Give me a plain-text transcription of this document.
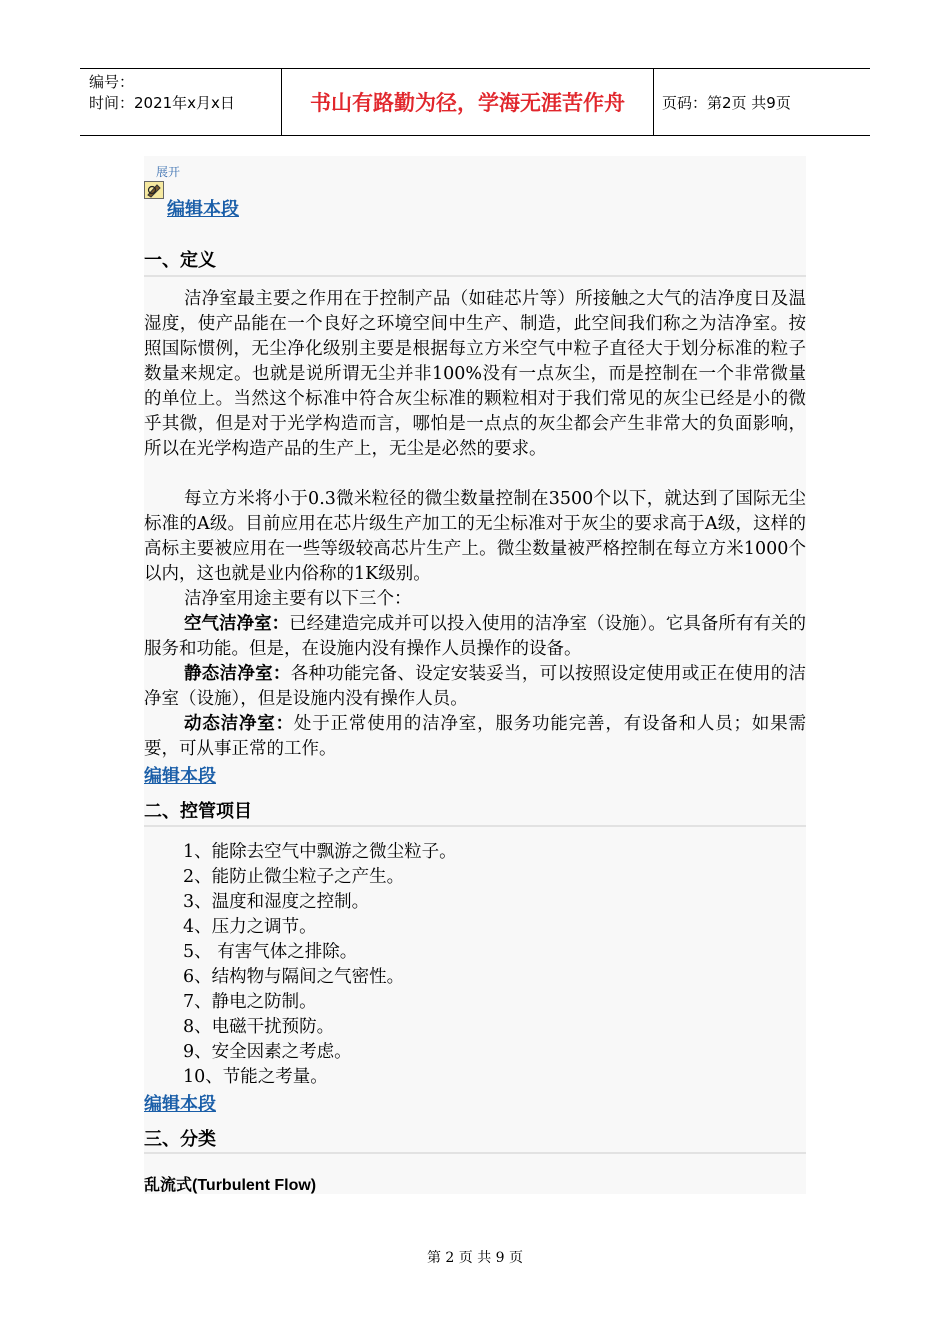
编号：
时间：2021年x月x日	书山有路勤为径，学海无涯苦作舟	页码：第2页 共9页
展开
编辑本段
一、定义

洁净室最主要之作用在于控制产品（如硅芯片等）所接触之大气的洁净度日及温湿度，使产品能在一个良好之环境空间中生产、制造，此空间我们称之为洁净室。按照国际惯例，无尘净化级别主要是根据每立方米空气中粒子直径大于划分标准的粒子数量来规定。也就是说所谓无尘并非100%没有一点灰尘，而是控制在一个非常微量的单位上。当然这个标准中符合灰尘标准的颗粒相对于我们常见的灰尘已经是小的微乎其微，但是对于光学构造而言，哪怕是一点点的灰尘都会产生非常大的负面影响，所以在光学构造产品的生产上，无尘是必然的要求。

每立方米将小于0.3微米粒径的微尘数量控制在3500个以下，就达到了国际无尘标准的A级。目前应用在芯片级生产加工的无尘标准对于灰尘的要求高于A级，这样的高标主要被应用在一些等级较高芯片生产上。微尘数量被严格控制在每立方米1000个以内，这也就是业内俗称的1K级别。

洁净室用途主要有以下三个：

空气洁净室：已经建造完成并可以投入使用的洁净室（设施）。它具备所有有关的服务和功能。但是，在设施内没有操作人员操作的设备。

静态洁净室：各种功能完备、设定安装妥当，可以按照设定使用或正在使用的洁净室（设施），但是设施内没有操作人员。

动态洁净室：处于正常使用的洁净室，服务功能完善，有设备和人员；如果需要，可从事正常的工作。

编辑本段
二、控管项目
1、能除去空气中飘游之微尘粒子。
2、能防止微尘粒子之产生。
3、温度和湿度之控制。
4、压力之调节。
5、 有害气体之排除。
6、结构物与隔间之气密性。
7、静电之防制。
8、电磁干扰预防。
9、安全因素之考虑。
10、节能之考量。
编辑本段
三、分类
乱流式(Turbulent Flow)
第 2 页 共 9 页
